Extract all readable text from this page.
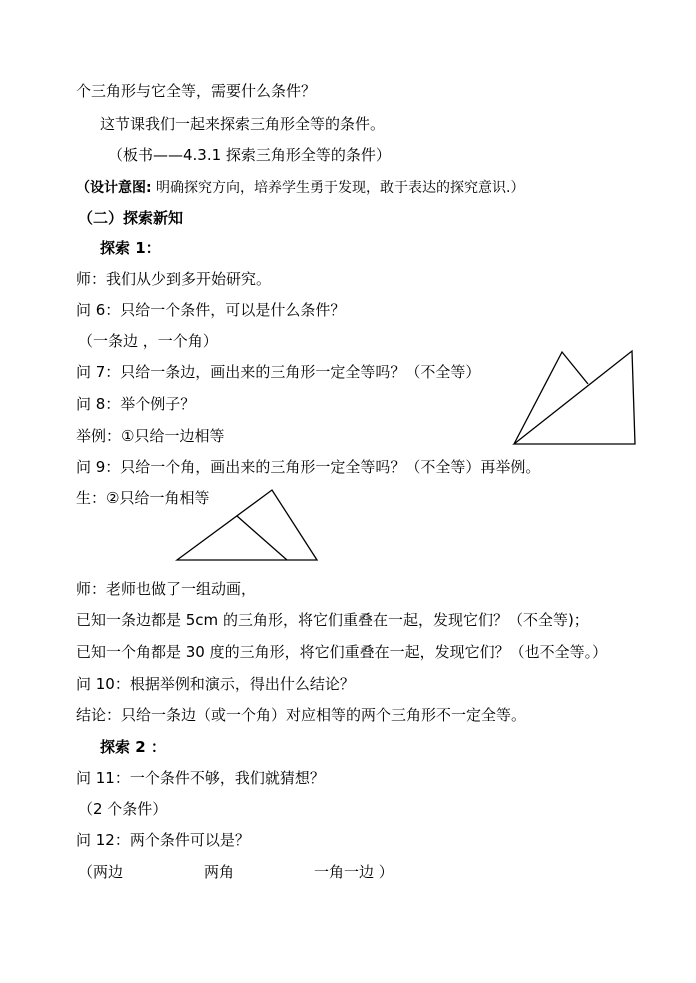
个三角形与它全等，需要什么条件？
这节课我们一起来探索三角形全等的条件。
（板书——4.3.1 探索三角形全等的条件）
（设计意图: 明确探究方向，培养学生勇于发现，敢于表达的探究意识.）
（二）探索新知
探索 1：
师：我们从少到多开始研究。
问 6：只给一个条件，可以是什么条件？
（一条边 ，一个角）
问 7：只给一条边，画出来的三角形一定全等吗？（不全等）
问 8：举个例子？
举例：①只给一边相等
问 9：只给一个角，画出来的三角形一定全等吗？（不全等）再举例。
生：②只给一角相等
师：老师也做了一组动画，
已知一条边都是 5cm 的三角形，将它们重叠在一起，发现它们？（不全等)；
已知一个角都是 30 度的三角形，将它们重叠在一起，发现它们？（也不全等。）
问 10：根据举例和演示，得出什么结论？
结论：只给一条边（或一个角）对应相等的两个三角形不一定全等。
探索 2 ：
问 11：一个条件不够，我们就猜想？
（2 个条件）
问 12：两个条件可以是？
（两边	两角	一角一边 ）
